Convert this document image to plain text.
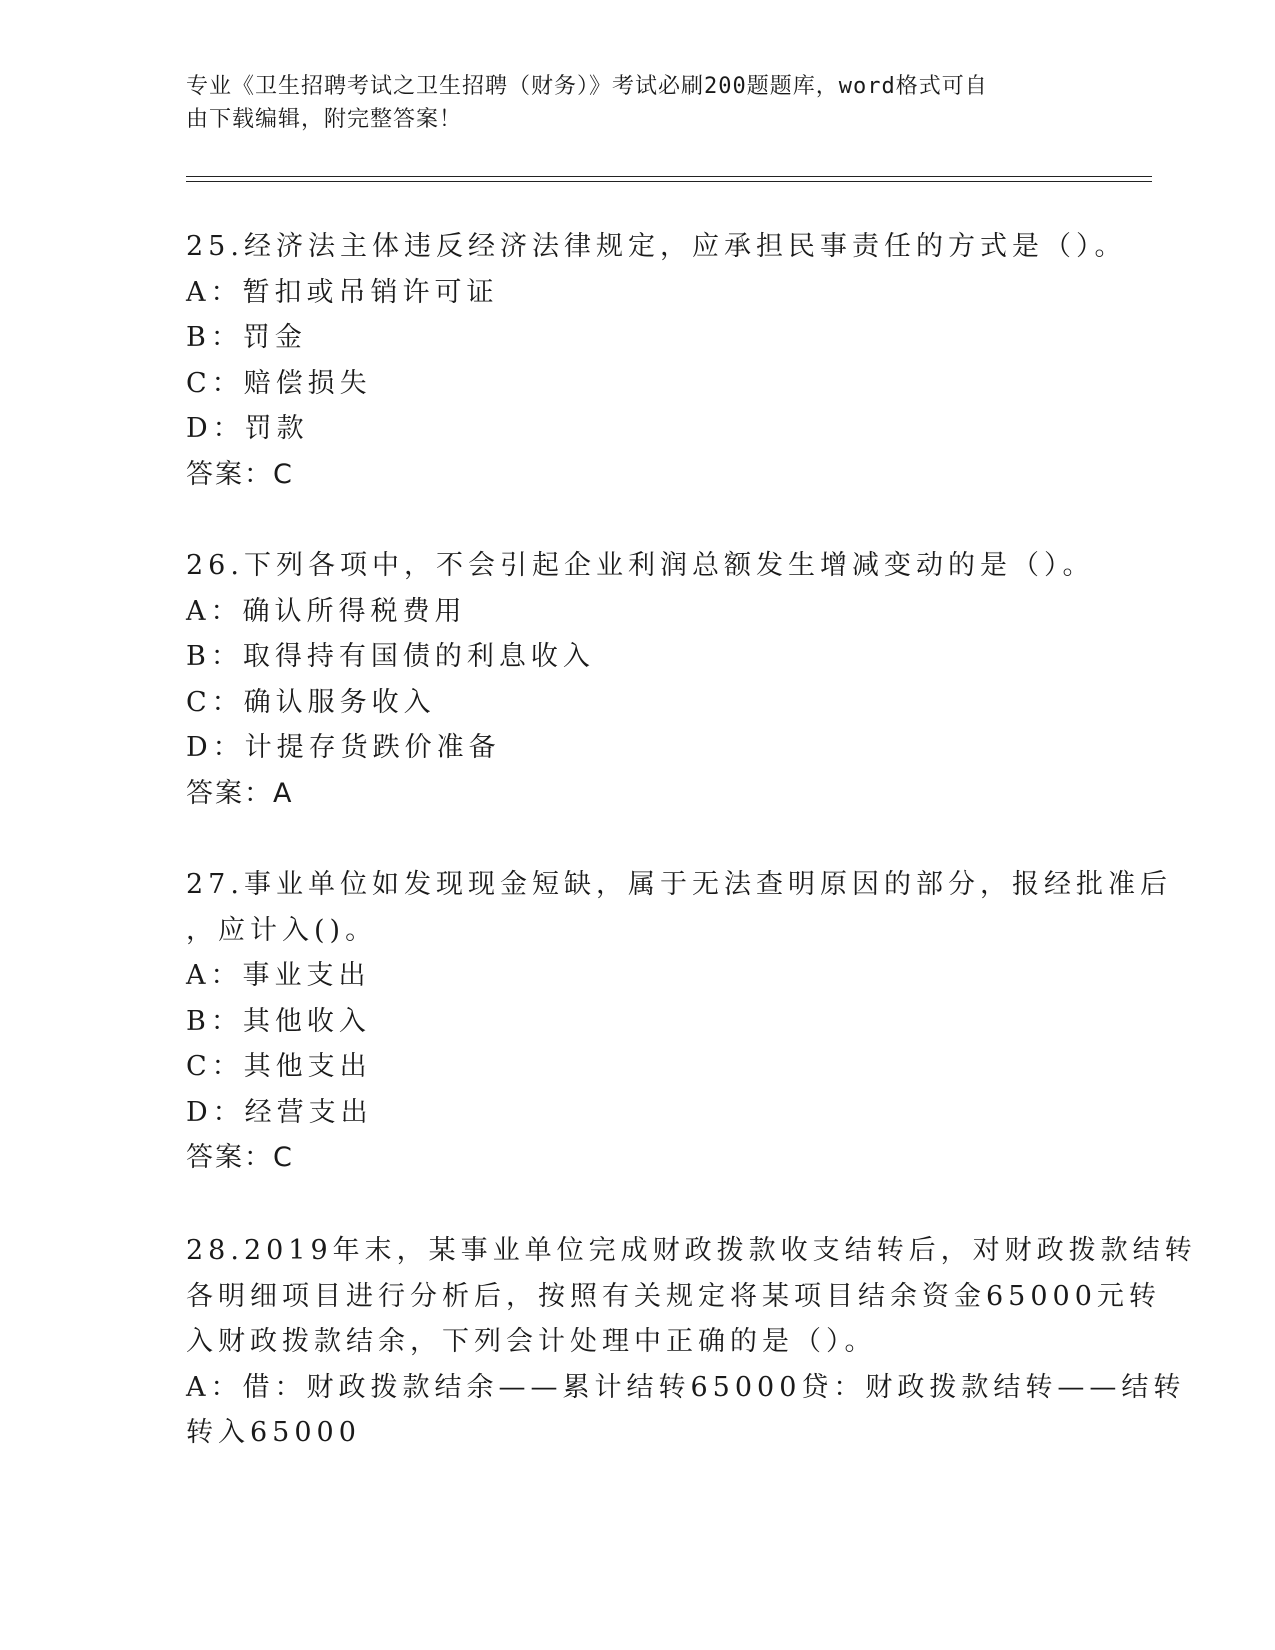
专业《卫生招聘考试之卫生招聘（财务）》考试必刷200题题库，word格式可自
由下载编辑，附完整答案！
25.经济法主体违反经济法律规定，应承担民事责任的方式是（）。
A：暂扣或吊销许可证
B：罚金
C：赔偿损失
D：罚款
答案：C
26.下列各项中，不会引起企业利润总额发生增减变动的是（）。
A：确认所得税费用
B：取得持有国债的利息收入
C：确认服务收入
D：计提存货跌价准备
答案：A
27.事业单位如发现现金短缺，属于无法查明原因的部分，报经批准后
，应计入()。
A：事业支出
B：其他收入
C：其他支出
D：经营支出
答案：C
28.2019年末，某事业单位完成财政拨款收支结转后，对财政拨款结转
各明细项目进行分析后，按照有关规定将某项目结余资金65000元转
入财政拨款结余，下列会计处理中正确的是（）。
A：借：财政拨款结余——累计结转65000贷：财政拨款结转——结转
转入65000
